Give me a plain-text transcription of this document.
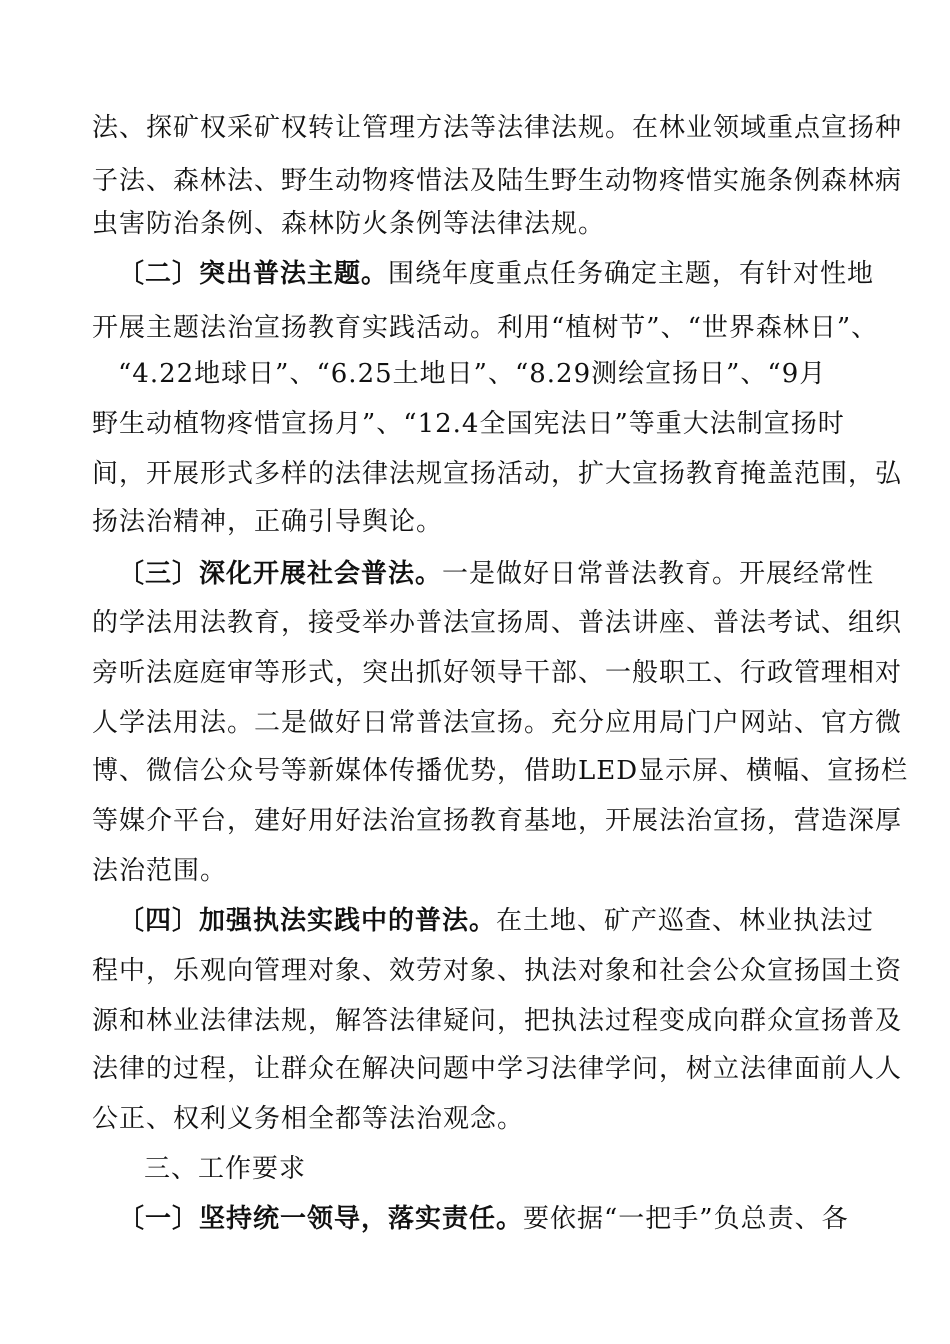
法、探矿权采矿权转让管理方法等法律法规。在林业领域重点宣扬种
子法、森林法、野生动物疼惜法及陆生野生动物疼惜实施条例森林病
虫害防治条例、森林防火条例等法律法规。
〔二〕突出普法主题。围绕年度重点任务确定主题，有针对性地
开展主题法治宣扬教育实践活动。利用“植树节”、“世界森林日”、
“4.22地球日”、“6.25土地日”、“8.29测绘宣扬日”、“9月
野生动植物疼惜宣扬月”、“12.4全国宪法日”等重大法制宣扬时
间，开展形式多样的法律法规宣扬活动，扩大宣扬教育掩盖范围，弘
扬法治精神，正确引导舆论。
〔三〕深化开展社会普法。一是做好日常普法教育。开展经常性
的学法用法教育，接受举办普法宣扬周、普法讲座、普法考试、组织
旁听法庭庭审等形式，突出抓好领导干部、一般职工、行政管理相对
人学法用法。二是做好日常普法宣扬。充分应用局门户网站、官方微
博、微信公众号等新媒体传播优势，借助LED显示屏、横幅、宣扬栏
等媒介平台，建好用好法治宣扬教育基地，开展法治宣扬，营造深厚
法治范围。
〔四〕加强执法实践中的普法。在土地、矿产巡查、林业执法过
程中，乐观向管理对象、效劳对象、执法对象和社会公众宣扬国土资
源和林业法律法规，解答法律疑问，把执法过程变成向群众宣扬普及
法律的过程，让群众在解决问题中学习法律学问，树立法律面前人人
公正、权利义务相全都等法治观念。
三、工作要求
〔一〕坚持统一领导，落实责任。要依据“一把手”负总责、各
